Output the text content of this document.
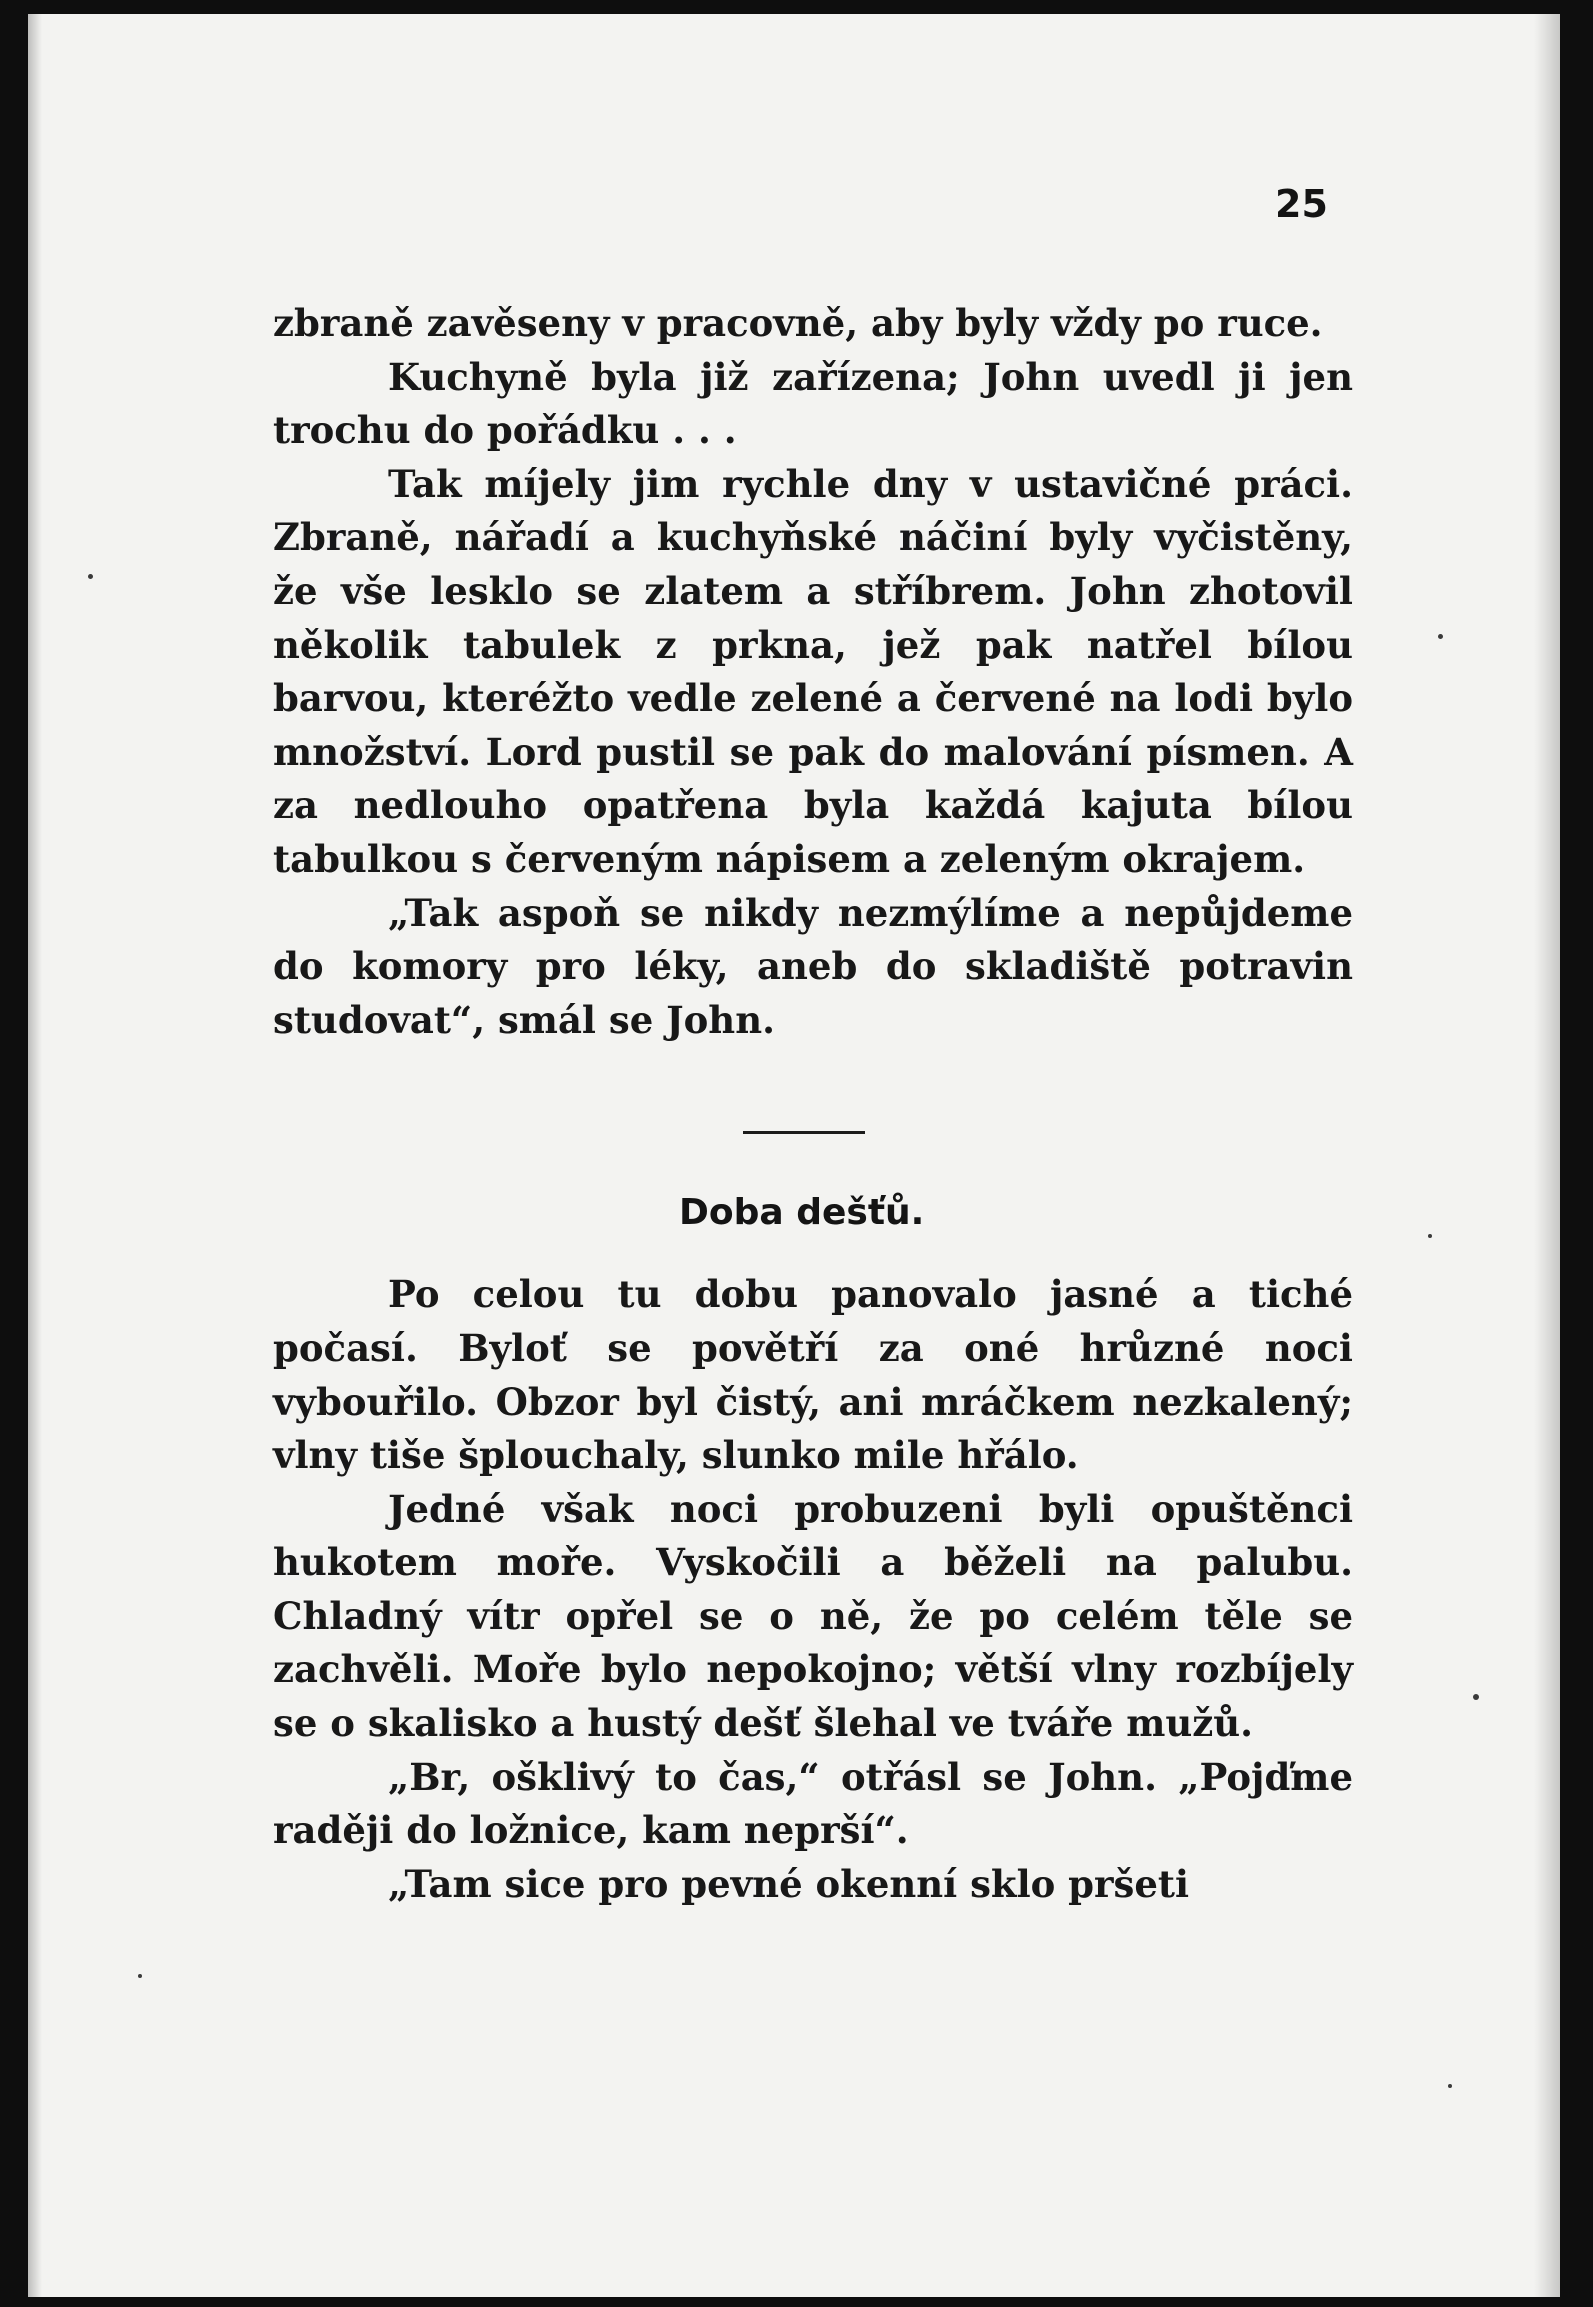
25

zbraně zavěseny v pracovně, aby byly vždy po ruce.

Kuchyně byla již zařízena; John uvedl ji jen trochu do pořádku . . .

Tak míjely jim rychle dny v ustavičné práci. Zbraně, nářadí a kuchyňské náčiní byly vyčistěny, že vše lesklo se zl‌atem a stříbrem. John zhotovil několik tabulek z prkna, jež pak natřel bílou barvou, kteréžto vedle zelené a červené na lodi bylo množství. Lord pustil se pak do malování písmen. A za nedlouho opatřena byla každá kajuta bílou tabulkou s červeným nápisem a zeleným okrajem.

„Tak aspoň se nikdy nezmýlíme a nepůjdeme do komory pro léky, aneb do skladiště potravin studovat“, smál se John.

Doba dešťů.

Po celou tu dobu panovalo jasné a tiché počasí. Bylo‌ť se povětří za oné hrůzné noci vybouřilo. Obzor byl čistý, ani mráčkem nezkalený; vlny tiše šplouchaly, slunko mile hřálo.

Jedné však noci probuzeni byli opuštěnci hukotem moře. Vyskočili a běželi na palubu. Chladný vítr opřel se o ně, že po celém těle se zachvěli. Moře bylo nepokojno; větší vlny rozbíjely se o skalisko a hustý dešť šlehal ve tváře mužů.

„Br, ošklivý to čas,“ otřásl se John. „Pojďme raději do ložnice, kam neprší“.

„Tam sice pro pevné okenní sklo pršeti
